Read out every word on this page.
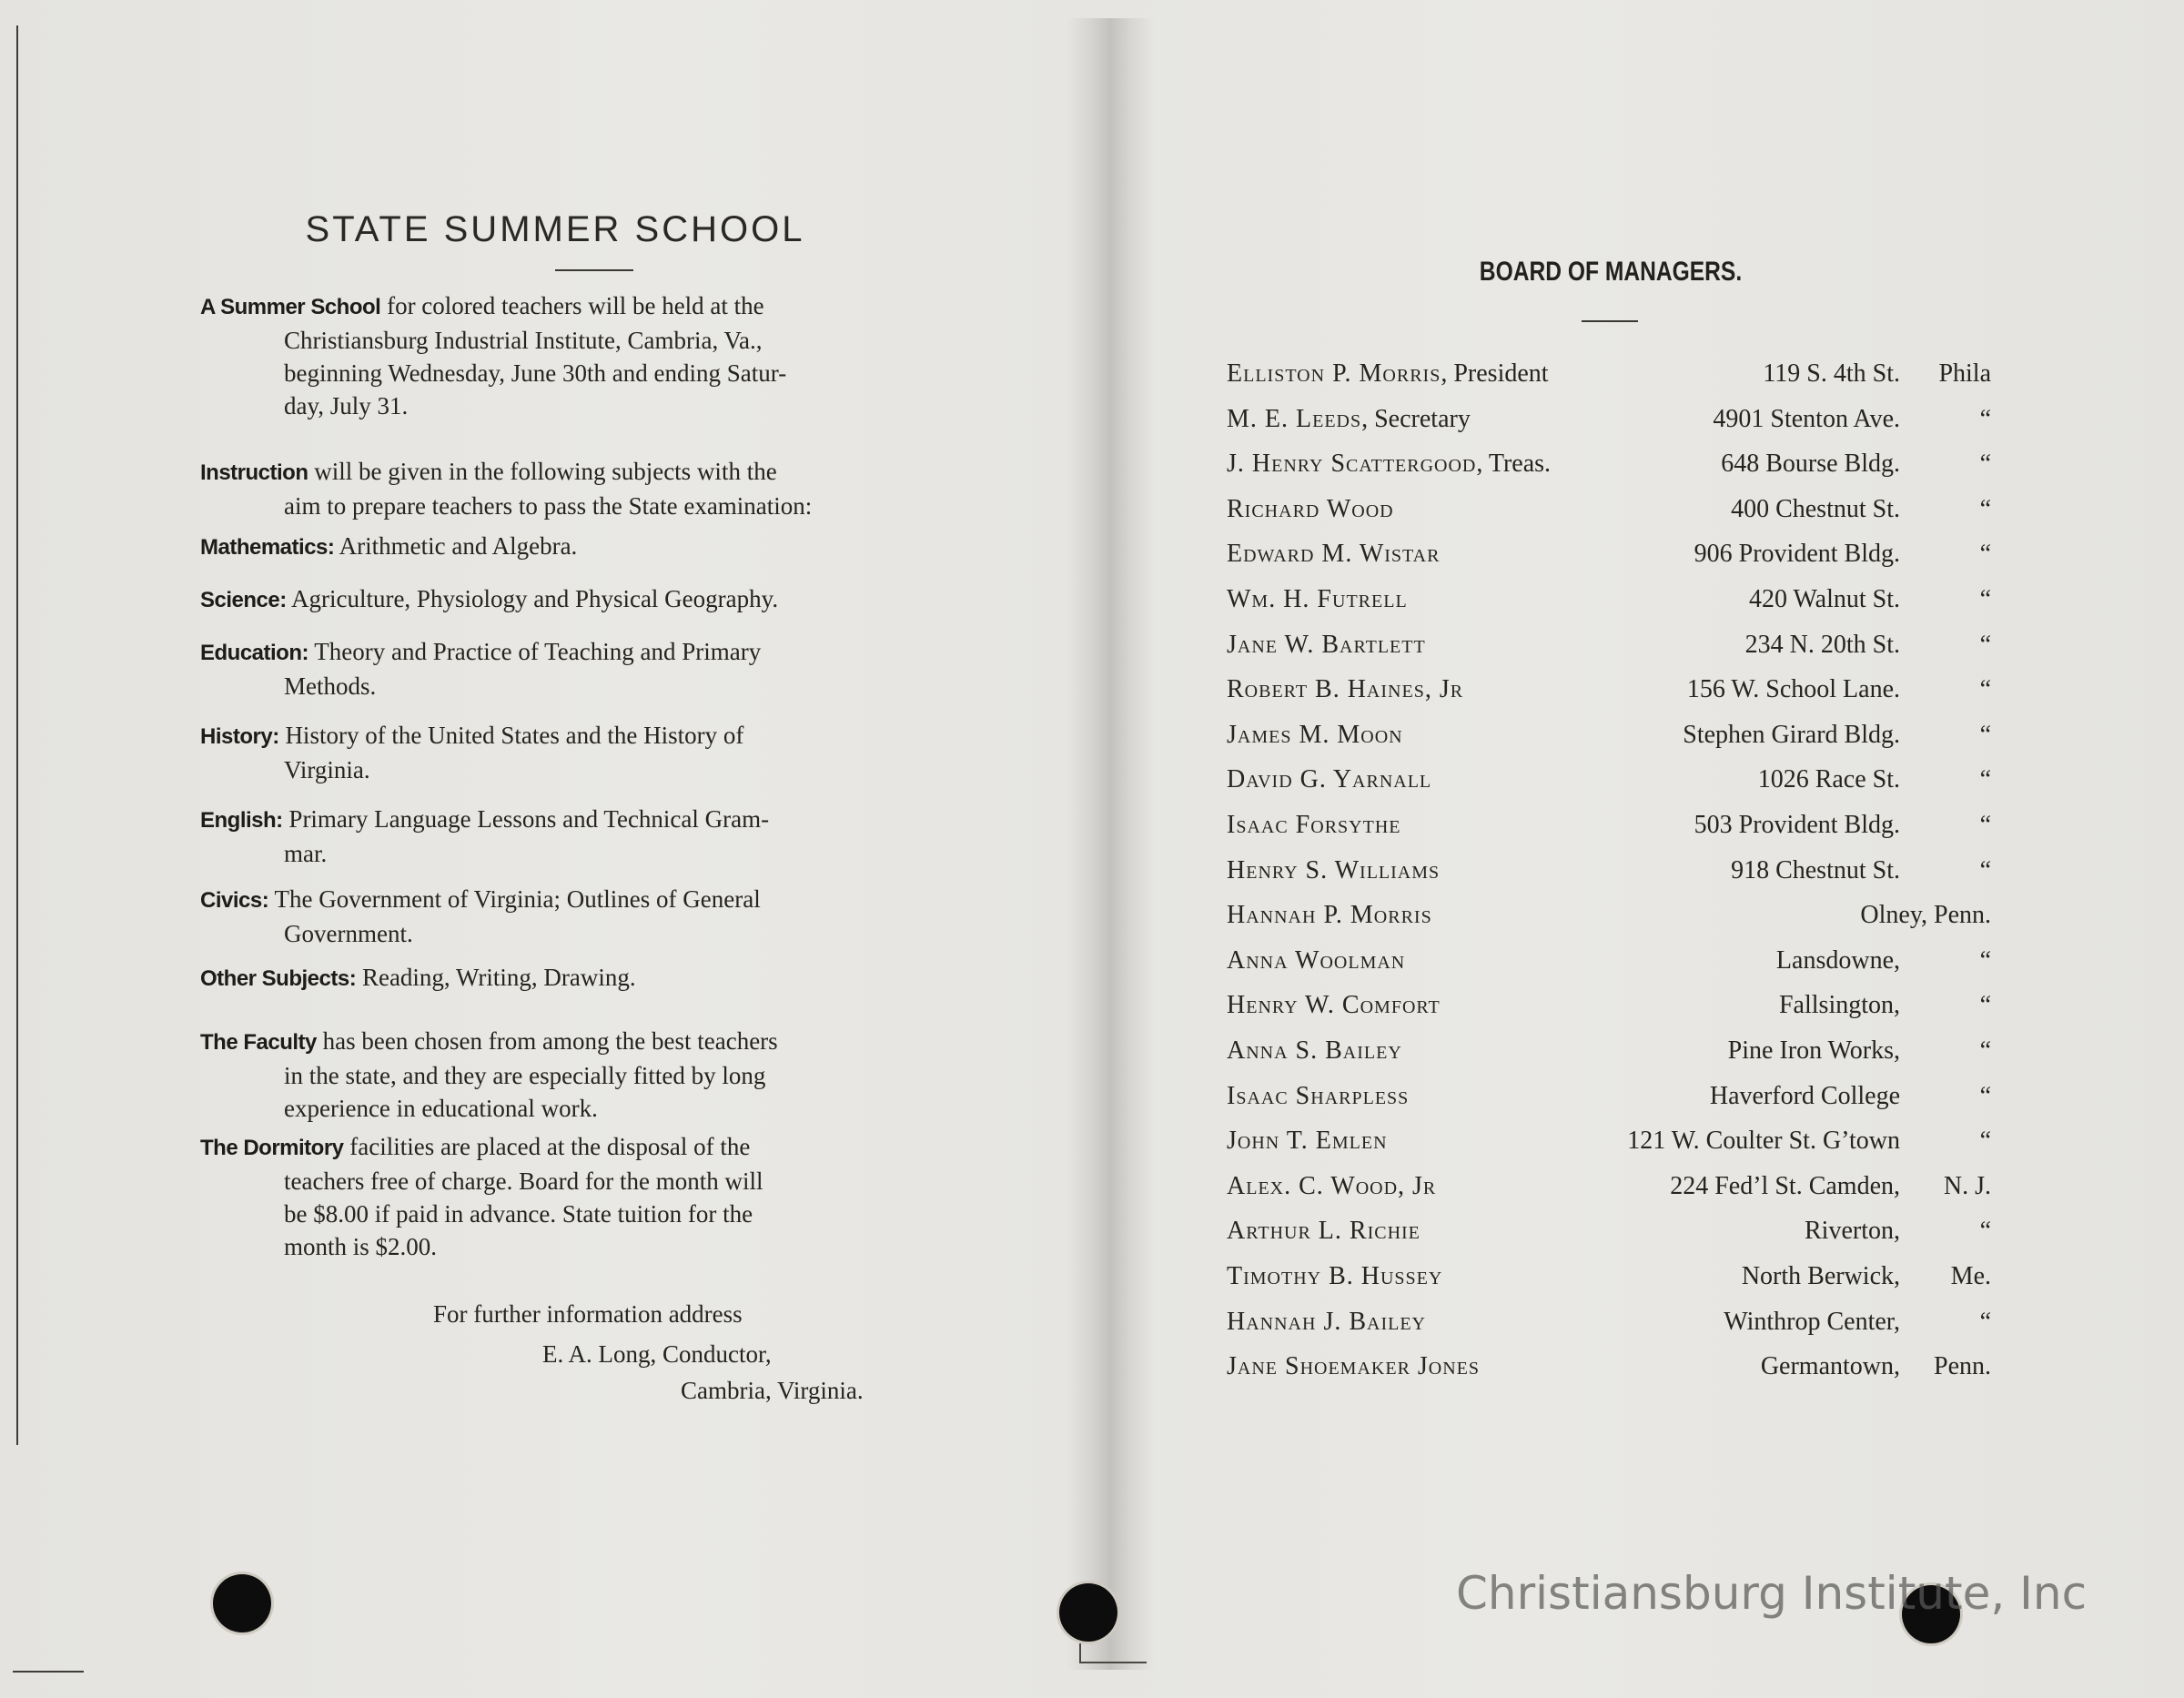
STATE SUMMER SCHOOL
A Summer School for colored teachers will be held at the
Christiansburg Industrial Institute, Cambria, Va.,
beginning Wednesday, June 30th and ending Satur-
day, July 31.
Instruction will be given in the following subjects with the
aim to prepare teachers to pass the State examination:
Mathematics: Arithmetic and Algebra.
Science: Agriculture, Physiology and Physical Geography.
Education: Theory and Practice of Teaching and Primary
Methods.
History: History of the United States and the History of
Virginia.
English: Primary Language Lessons and Technical Gram-
mar.
Civics: The Government of Virginia; Outlines of General
Government.
Other Subjects: Reading, Writing, Drawing.
The Faculty has been chosen from among the best teachers
in the state, and they are especially fitted by long
experience in educational work.
The Dormitory facilities are placed at the disposal of the
teachers free of charge. Board for the month will
be $8.00 if paid in advance. State tuition for the
month is $2.00.
For further information address
E. A. Long, Conductor,
Cambria, Virginia.
BOARD OF MANAGERS.
Elliston P. Morris, President	119 S. 4th St. Phila
M. E. Leeds, Secretary	4901 Stenton Ave.	“
J. Henry Scattergood, Treas.	648 Bourse Bldg.	“
Richard Wood	400 Chestnut St.	“
Edward M. Wistar	906 Provident Bldg.	“
Wm. H. Futrell	420 Walnut St.	“
Jane W. Bartlett	234 N. 20th St.	“
Robert B. Haines, Jr	156 W. School Lane.	“
James M. Moon	Stephen Girard Bldg.	“
David G. Yarnall	1026 Race St.	“
Isaac Forsythe	503 Provident Bldg.	“
Henry S. Williams	918 Chestnut St.	“
Hannah P. Morris	Olney, Penn.
Anna Woolman	Lansdowne,	“
Henry W. Comfort	Fallsington,	“
Anna S. Bailey	Pine Iron Works,	“
Isaac Sharpless	Haverford College	“
John T. Emlen	121 W. Coulter St. G’town	“
Alex. C. Wood, Jr	224 Fed’l St. Camden, N. J.
Arthur L. Richie	Riverton,	“
Timothy B. Hussey	North Berwick, Me.
Hannah J. Bailey	Winthrop Center,	“
Jane Shoemaker Jones	Germantown, Penn.
Christiansburg Institute, Inc
